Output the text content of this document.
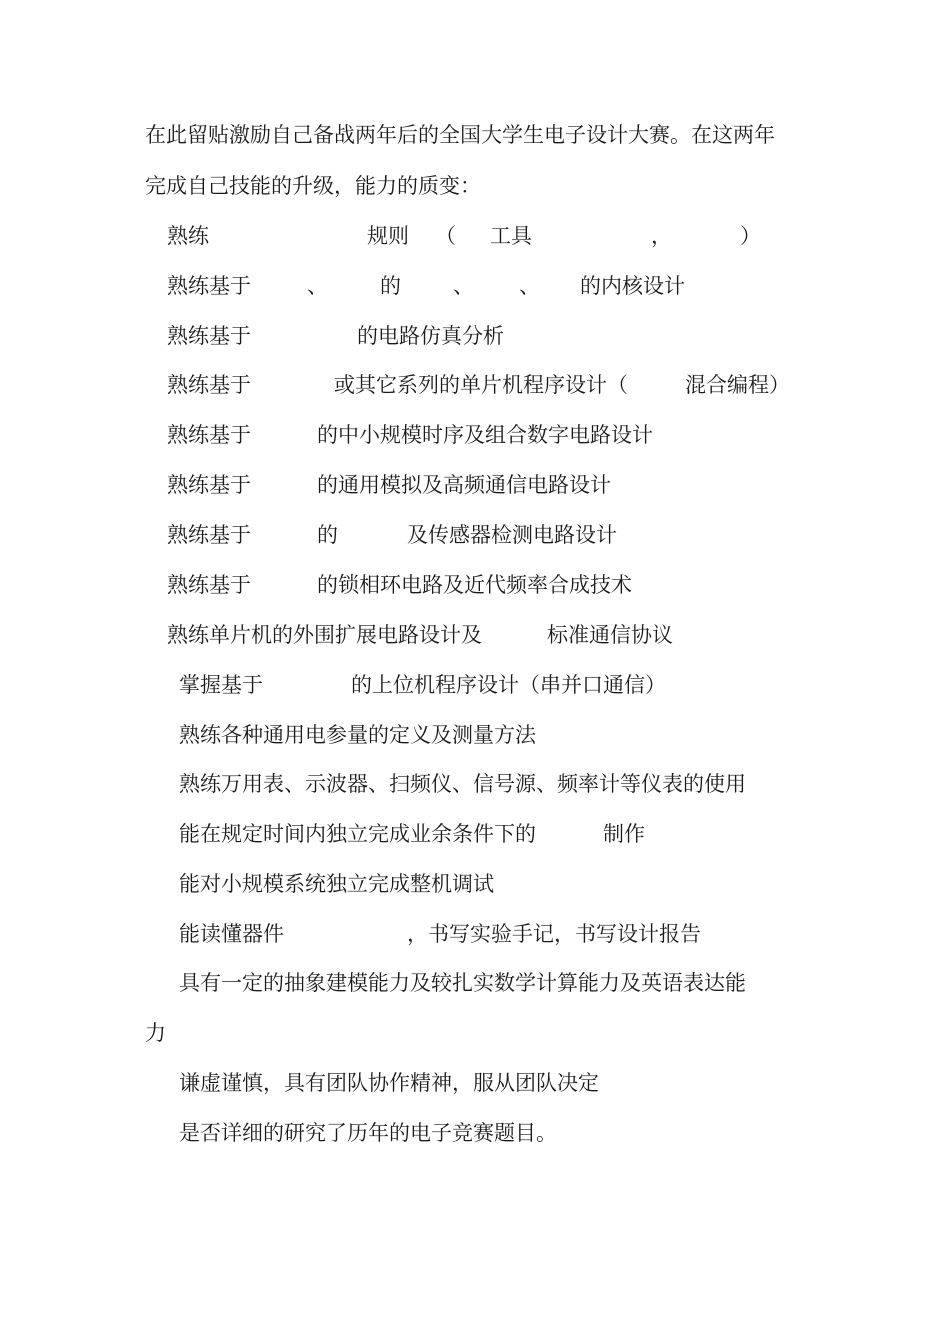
在此留贴激励自己备战两年后的全国大学生电子设计大赛。在这两年

完成自己技能的升级，能力的质变：

熟练	规则 （ 工具	，	）
熟练基于	、 的 、 、 的内核设计
熟练基于	的电路仿真分析
熟练基于	或其它系列的单片机程序设计（	混合编程）
熟练基于	的中小规模时序及组合数字电路设计
熟练基于	的通用模拟及高频通信电路设计
熟练基于	的	及传感器检测电路设计
熟练基于	的锁相环电路及近代频率合成技术
熟练单片机的外围扩展电路设计及	标准通信协议
掌握基于	的上位机程序设计（串并口通信）

熟练各种通用电参量的定义及测量方法

熟练万用表、示波器、扫频仪、信号源、频率计等仪表的使用

能在规定时间内独立完成业余条件下的	制作

能对小规模系统独立完成整机调试

能读懂器件	，书写实验手记，书写设计报告

具有一定的抽象建模能力及较扎实数学计算能力及英语表达能

力

谦虚谨慎，具有团队协作精神，服从团队决定

是否详细的研究了历年的电子竞赛题目。
